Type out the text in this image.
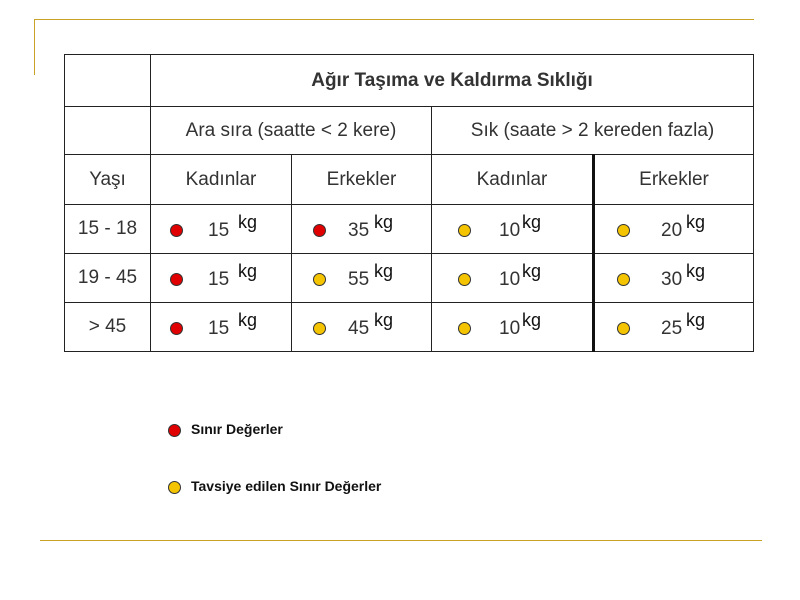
	Ağır Taşıma ve Kaldırma Sıklığı			
	Ara sıra (saatte < 2 kere)		Sık (saate > 2 kereden fazla)	
Yaşı	Kadınlar	Erkekler	Kadınlar	Erkekler
15 - 18	15 kg	35 kg	10 kg	20 kg

19 - 45	15 kg	55 kg	10 kg	30 kg

> 45	15 kg	45 kg	10 kg	25 kg
Sınır Değerler
Tavsiye edilen Sınır Değerler
